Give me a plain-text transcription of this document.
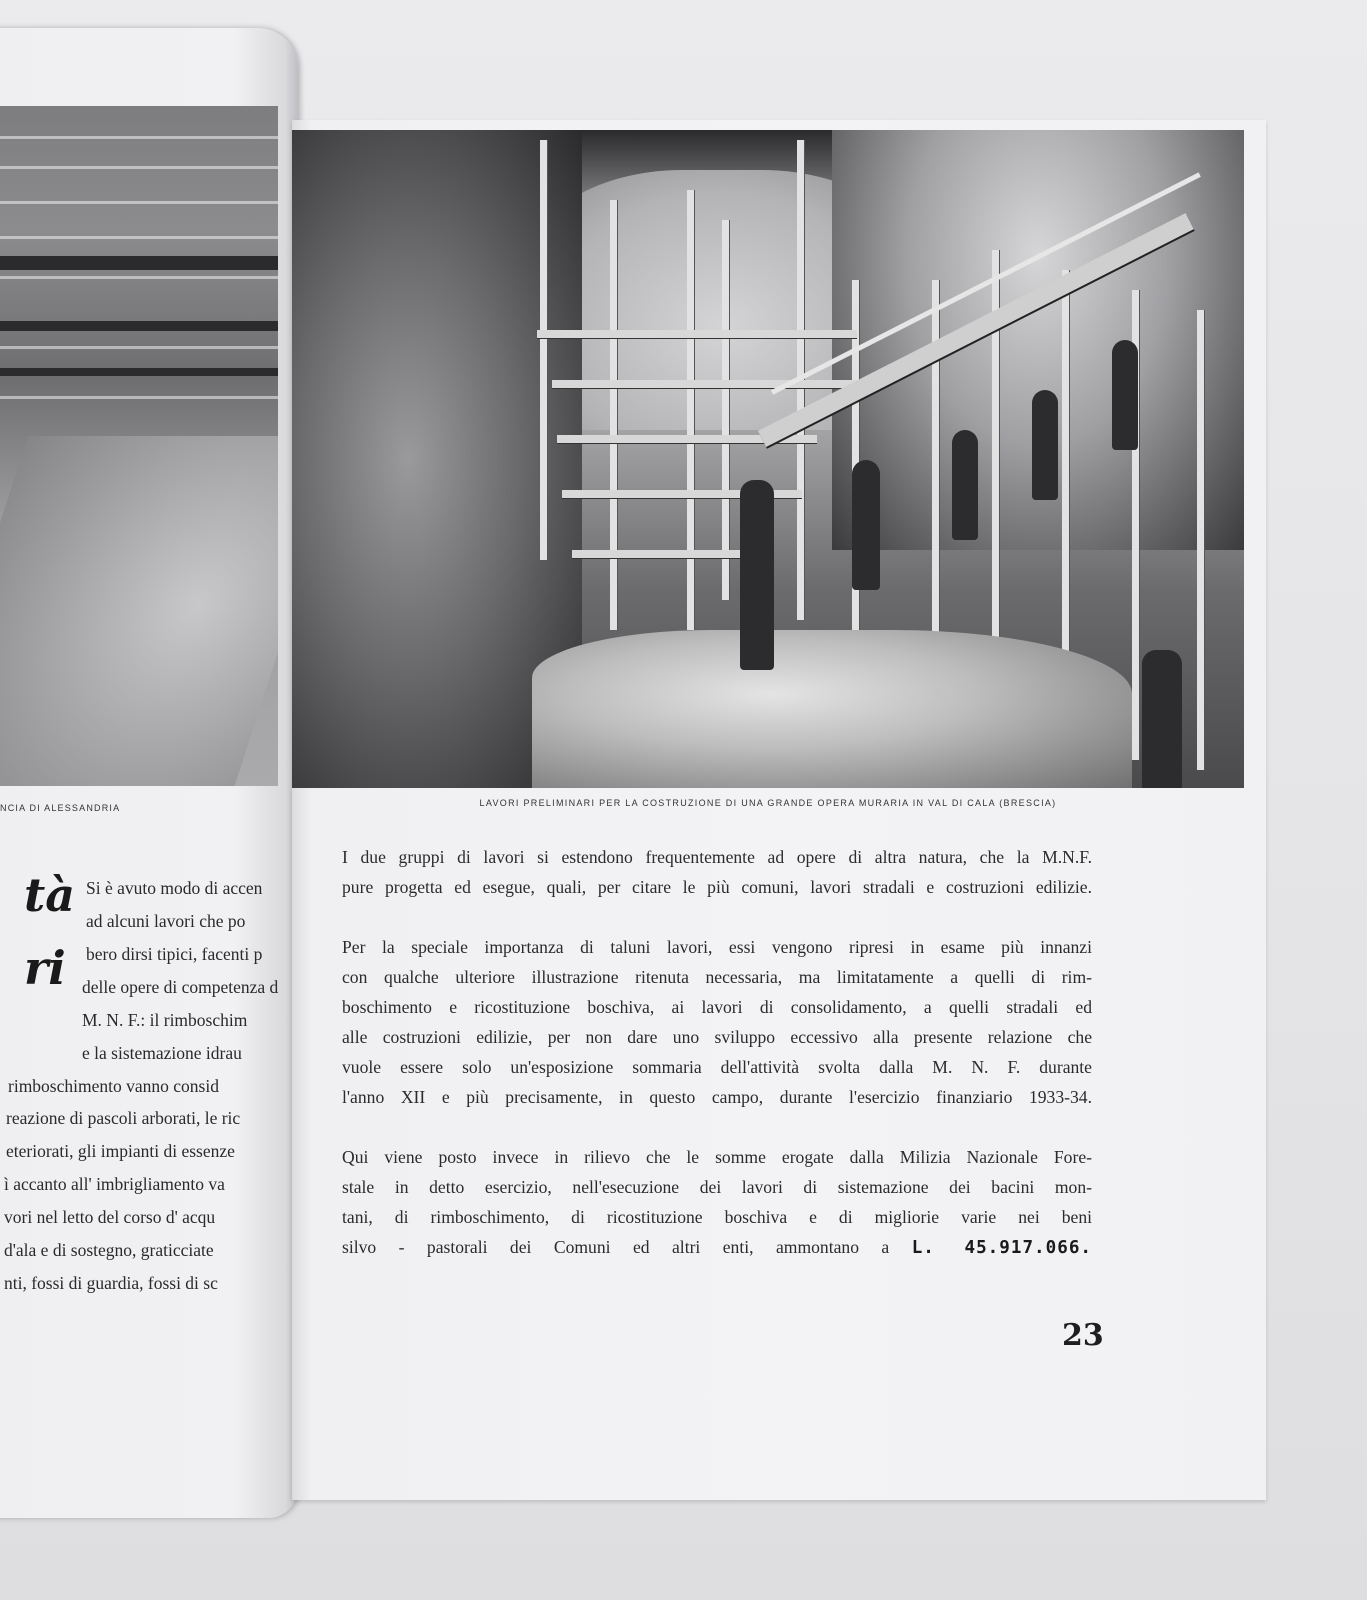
NCIA DI ALESSANDRIA
tà
ri
Si è avuto modo di accen
ad alcuni lavori che po
bero dirsi tipici, facenti p
delle opere di competenza d
M. N. F.: il rimboschim
e la sistemazione idrau
rimboschimento vanno consid
reazione di pascoli arborati, le ric
eteriorati, gli impianti di essenze
ì accanto all' imbrigliamento va
vori nel letto del corso d' acqu
d'ala e di sostegno, graticciate
nti, fossi di guardia, fossi di sc
LAVORI PRELIMINARI PER LA COSTRUZIONE DI UNA GRANDE OPERA MURARIA IN VAL DI CALA (BRESCIA)
I due gruppi di lavori si estendono frequentemente ad opere di altra natura, che la M.N.F.
pure progetta ed esegue, quali, per citare le più comuni, lavori stradali e costruzioni edilizie.
Per la speciale importanza di taluni lavori, essi vengono ripresi in esame più innanzi
con qualche ulteriore illustrazione ritenuta necessaria, ma limitatamente a quelli di rim-
boschimento e ricostituzione boschiva, ai lavori di consolidamento, a quelli stradali ed
alle costruzioni edilizie, per non dare uno sviluppo eccessivo alla presente relazione che
vuole essere solo un'esposizione sommaria dell'attività svolta dalla M. N. F. durante
l'anno XII e più precisamente, in questo campo, durante l'esercizio finanziario 1933-34.
Qui viene posto invece in rilievo che le somme erogate dalla Milizia Nazionale Fore-
stale in detto esercizio, nell'esecuzione dei lavori di sistemazione dei bacini mon-
tani, di rimboschimento, di ricostituzione boschiva e di migliorie varie nei beni
silvo - pastorali dei Comuni ed altri enti, ammontano a L. 45.917.066.
23
